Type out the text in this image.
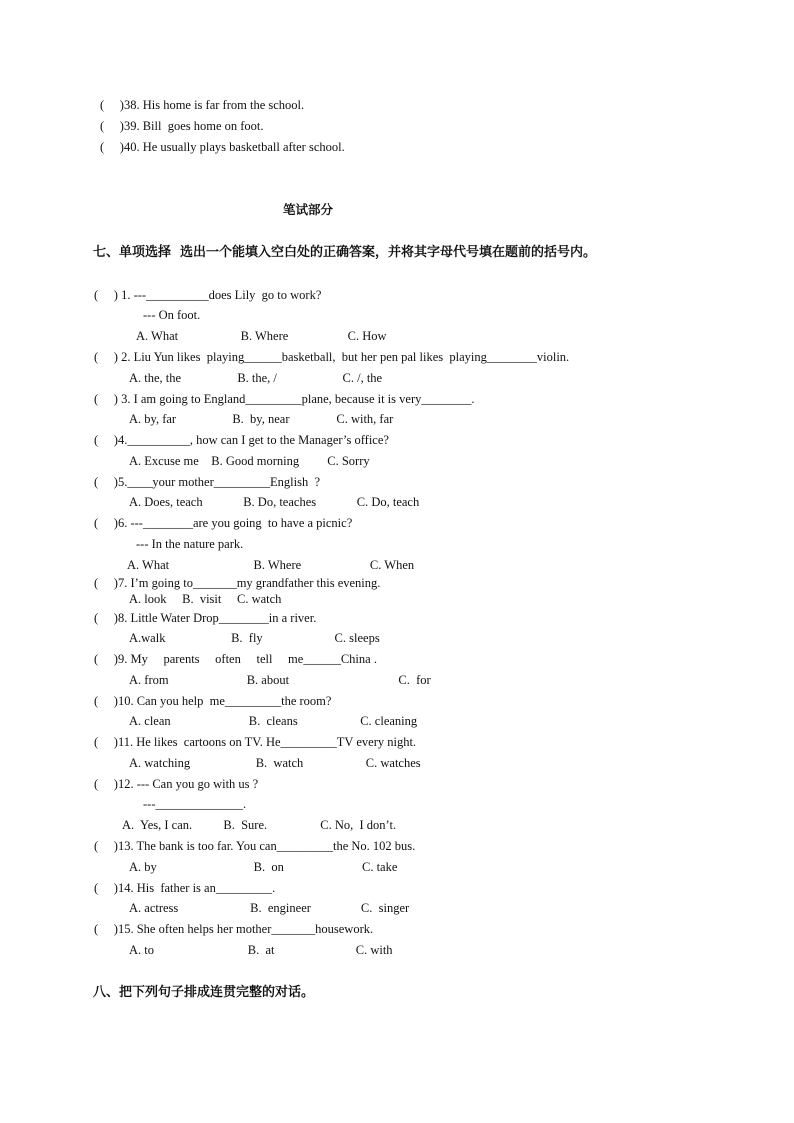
(     )38. His home is far from the school.
(     )39. Bill  goes home on foot.
(     )40. He usually plays basketball after school.
笔试部分
七、单项选择  选出一个能填入空白处的正确答案，并将其字母代号填在题前的括号内。
(     ) 1. ---__________does Lily  go to work?
--- On foot.
A. What                    B. Where                   C. How
(     ) 2. Liu Yun likes  playing______basketball,  but her pen pal likes  playing________violin.
A. the, the                  B. the, /                     C. /, the
(     ) 3. I am going to England_________plane, because it is very________.
A. by, far                  B.  by, near               C. with, far
(     )4.__________, how can I get to the Manager’s office?
A. Excuse me    B. Good morning         C. Sorry
(     )5.____your mother_________English  ?
A. Does, teach             B. Do, teaches             C. Do, teach
(     )6. ---________are you going  to have a picnic?
--- In the nature park.
A. What                           B. Where                      C. When
(     )7. I’m going to_______my grandfather this evening.
A. look     B.  visit     C. watch
(     )8. Little Water Drop________in a river.
A.walk                     B.  fly                       C. sleeps
(     )9. My     parents     often     tell     me______China .
A. from                         B. about                                   C.  for
(     )10. Can you help  me_________the room?
A. clean                         B.  cleans                    C. cleaning
(     )11. He likes  cartoons on TV. He_________TV every night.
A. watching                     B.  watch                    C. watches
(     )12. --- Can you go with us ?
---______________.
A.  Yes, I can.          B.  Sure.                 C. No,  I don’t.
(     )13. The bank is too far. You can_________the No. 102 bus.
A. by                               B.  on                         C. take
(     )14. His  father is an_________.
A. actress                       B.  engineer                C.  singer
(     )15. She often helps her mother_______housework.
A. to                              B.  at                          C. with
八、把下列句子排成连贯完整的对话。
